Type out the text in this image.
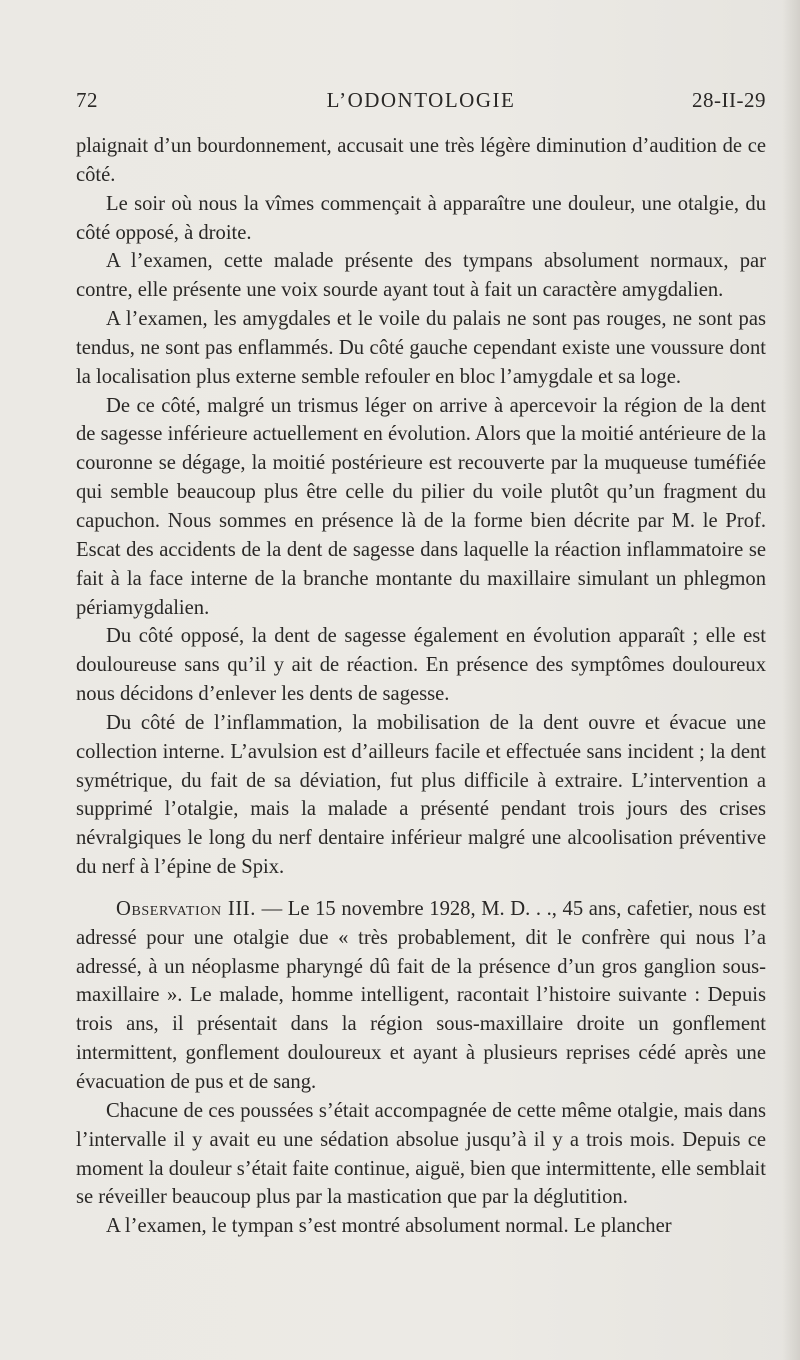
72	L’ODONTOLOGIE	28-II-29

plaignait d’un bourdonnement, accusait une très légère diminution d’audition de ce côté.

Le soir où nous la vîmes commençait à apparaître une douleur, une otalgie, du côté opposé, à droite.

A l’examen, cette malade présente des tympans absolument normaux, par contre, elle présente une voix sourde ayant tout à fait un caractère amygdalien.

A l’examen, les amygdales et le voile du palais ne sont pas rouges, ne sont pas tendus, ne sont pas enflammés. Du côté gauche cependant existe une voussure dont la localisation plus externe semble refouler en bloc l’amygdale et sa loge.

De ce côté, malgré un trismus léger on arrive à apercevoir la région de la dent de sagesse inférieure actuellement en évolution. Alors que la moitié antérieure de la couronne se dégage, la moitié postérieure est recouverte par la muqueuse tuméfiée qui semble beaucoup plus être celle du pilier du voile plutôt qu’un fragment du capuchon. Nous sommes en présence là de la forme bien décrite par M. le Prof. Escat des accidents de la dent de sagesse dans laquelle la réaction inflammatoire se fait à la face interne de la branche montante du maxillaire simulant un phlegmon périamygdalien.

Du côté opposé, la dent de sagesse également en évolution apparaît ; elle est douloureuse sans qu’il y ait de réaction. En présence des symptômes douloureux nous décidons d’enlever les dents de sagesse.

Du côté de l’inflammation, la mobilisation de la dent ouvre et évacue une collection interne. L’avulsion est d’ailleurs facile et effectuée sans incident ; la dent symétrique, du fait de sa déviation, fut plus difficile à extraire. L’intervention a supprimé l’otalgie, mais la malade a présenté pendant trois jours des crises névralgiques le long du nerf dentaire inférieur malgré une alcoolisation préventive du nerf à l’épine de Spix.

Observation III. — Le 15 novembre 1928, M. D. . ., 45 ans, cafetier, nous est adressé pour une otalgie due « très probablement, dit le confrère qui nous l’a adressé, à un néoplasme pharyngé dû fait de la présence d’un gros ganglion sous-maxillaire ». Le malade, homme intelligent, racontait l’histoire suivante : Depuis trois ans, il présentait dans la région sous-maxillaire droite un gonflement intermittent, gonflement douloureux et ayant à plusieurs reprises cédé après une évacuation de pus et de sang.

Chacune de ces poussées s’était accompagnée de cette même otalgie, mais dans l’intervalle il y avait eu une sédation absolue jusqu’à il y a trois mois. Depuis ce moment la douleur s’était faite continue, aiguë, bien que intermittente, elle semblait se réveiller beaucoup plus par la mastication que par la déglutition.

A l’examen, le tympan s’est montré absolument normal. Le plancher
